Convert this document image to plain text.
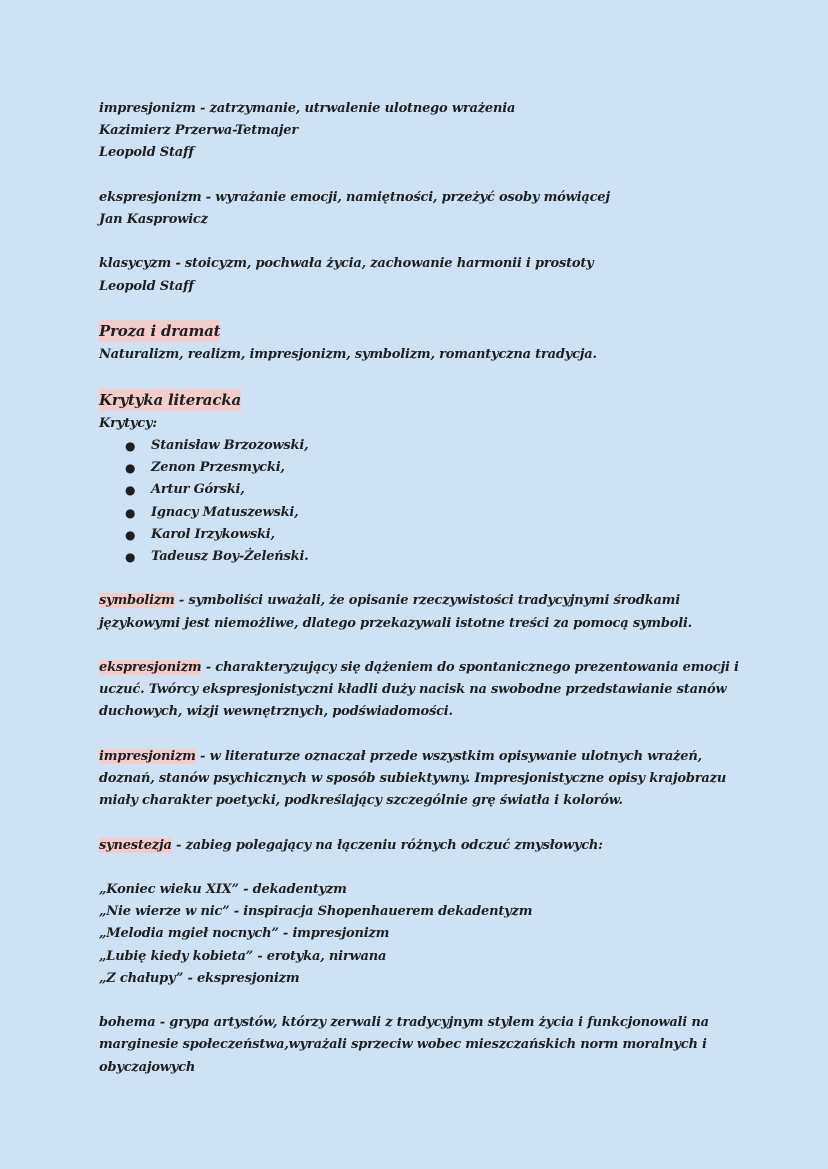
impresjonizm - zatrzymanie, utrwalenie ulotnego wrażenia
Kazimierz Przerwa-Tetmajer
Leopold Staff
ekspresjonizm - wyrażanie emocji, namiętności, przeżyć osoby mówiącej
Jan Kasprowicz
klasycyzm - stoicyzm, pochwała życia, zachowanie harmonii i prostoty
Leopold Staff
Proza i dramat
Naturalizm, realizm, impresjonizm, symbolizm, romantyczna tradycja.
Krytyka literacka
Krytycy:
● Stanisław Brzozowski,
● Zenon Przesmycki,
● Artur Górski,
● Ignacy Matuszewski,
● Karol Irzykowski,
● Tadeusz Boy-Żeleński.
symbolizm - symboliści uważali, że opisanie rzeczywistości tradycyjnymi środkami językowymi jest niemożliwe, dlatego przekazywali istotne treści za pomocą symboli.
ekspresjonizm - charakteryzujący się dążeniem do spontanicznego prezentowania emocji i uczuć. Twórcy ekspresjonistyczni kładli duży nacisk na swobodne przedstawianie stanów duchowych, wizji wewnętrznych, podświadomości.
impresjonizm - w literaturze oznaczał przede wszystkim opisywanie ulotnych wrażeń, doznań, stanów psychicznych w sposób subiektywny. Impresjonistyczne opisy krajobrazu miały charakter poetycki, podkreślający szczególnie grę światła i kolorów.
synestezja - zabieg polegający na łączeniu różnych odczuć zmysłowych:
„Koniec wieku XIX” - dekadentyzm
„Nie wierze w nic” - inspiracja Shopenhauerem dekadentyzm
„Melodia mgieł nocnych” - impresjonizm
„Lubię kiedy kobieta” - erotyka, nirwana
„Z chałupy” - ekspresjonizm
bohema - grypa artystów, którzy zerwali z tradycyjnym stylem życia i funkcjonowali na marginesie społeczeństwa,wyrażali sprzeciw wobec mieszczańskich norm moralnych i obyczajowych
